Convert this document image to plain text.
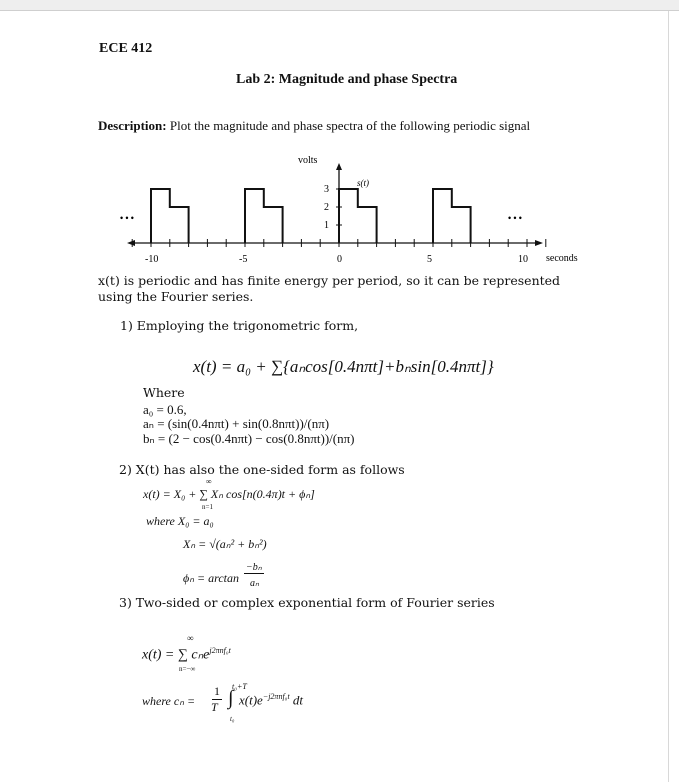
ECE 412
Lab 2: Magnitude and phase Spectra
Description: Plot the magnitude and phase spectra of the following periodic signal
volts
s(t)
seconds
• • •	• • •
3
2
1
-10	-5	0	5	10
x(t) is periodic and has finite energy per period, so it can be represented using the Fourier series.
1) Employing the trigonometric form,
x(t) = a₀ + ∑{aₙcos[0.4nπt]+bₙsin[0.4nπt]}
Where
a₀ = 0.6,
aₙ = (sin(0.4nπt) + sin(0.8nπt))/(nπ)
bₙ = (2 − cos(0.4nπt) − cos(0.8nπt))/(nπ)
2) X(t) has also the one-sided form as follows
∞
x(t) = X₀ + ∑ Xₙ cos[n(0.4π)t + ϕₙ]
n=1
where X₀ = a₀
Xₙ = √(aₙ² + bₙ²)
ϕₙ = arctan
−bₙ
aₙ
3) Two-sided or complex exponential form of Fourier series
∞
x(t) = ∑ cₙe$^{j2\pi nf_0t}$
n=−∞
t₀+T
where cₙ =
1
T ∫ $x(t)e^{-j2\pi nf_0t}$ dt
t₀
